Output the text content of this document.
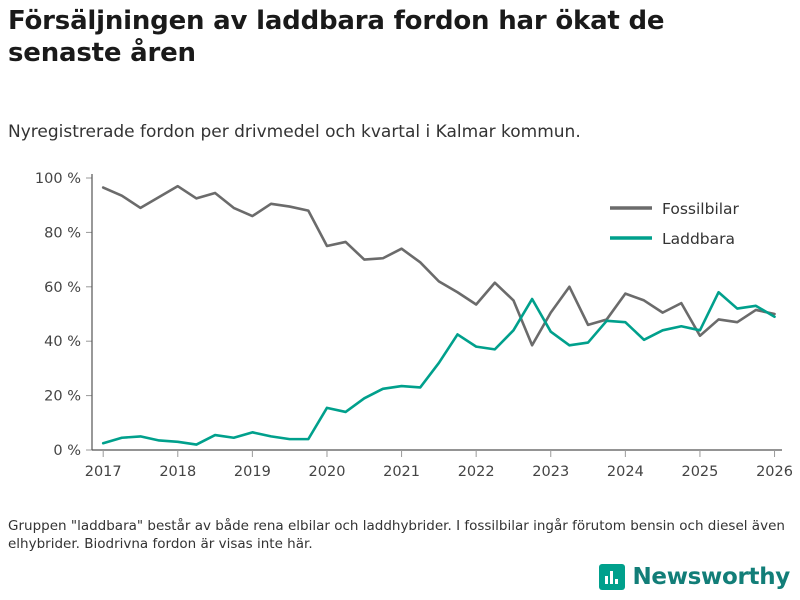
Försäljningen av laddbara fordon har ökat de senaste åren
Nyregistrerade fordon per drivmedel och kvartal i Kalmar kommun.
0 %
20 %
40 %
60 %
80 %
100 %
2017	2018	2019	2020	2021	2022	2023	2024	2025	2026
Fossilbilar
Laddbara
Gruppen "laddbara" består av både rena elbilar och laddhybrider. I fossilbilar ingår förutom bensin och diesel även elhybrider. Biodrivna fordon är visas inte här.
Newsworthy
